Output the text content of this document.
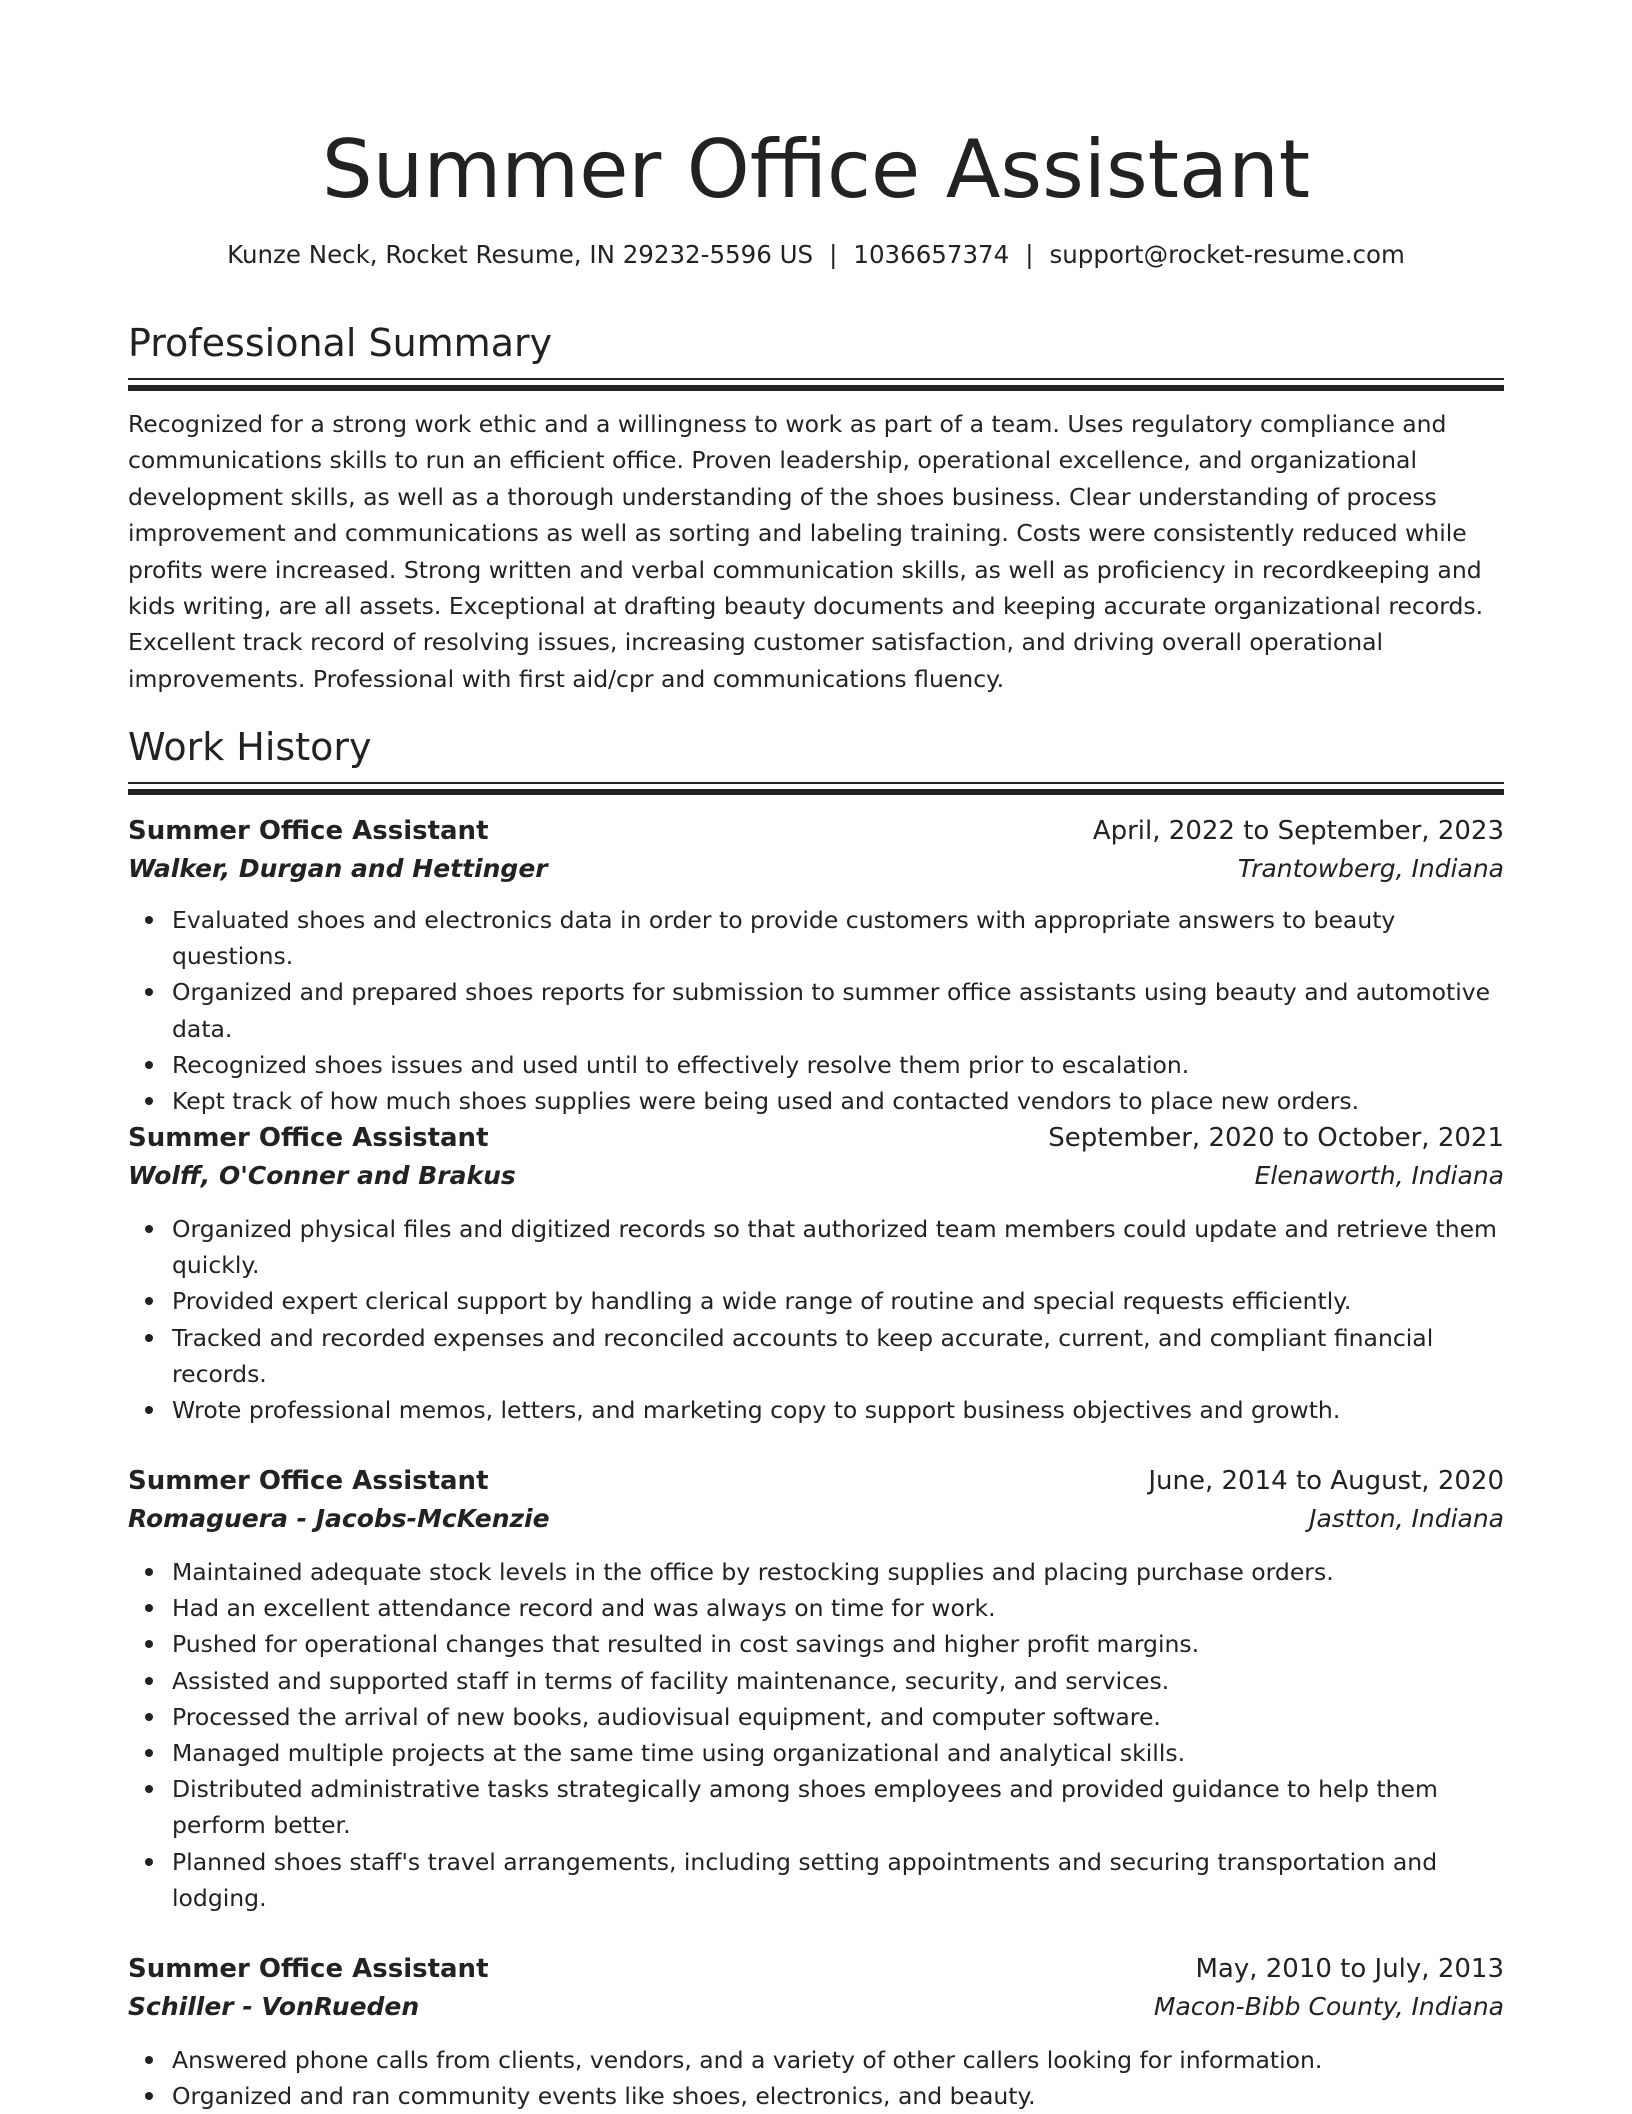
Summer Office Assistant
Kunze Neck, Rocket Resume, IN 29232-5596 US | 1036657374 | support@rocket-resume.com
Professional Summary

Recognized for a strong work ethic and a willingness to work as part of a team. Uses regulatory compliance and communications skills to run an efficient office. Proven leadership, operational excellence, and organizational development skills, as well as a thorough understanding of the shoes business. Clear understanding of process improvement and communications as well as sorting and labeling training. Costs were consistently reduced while profits were increased. Strong written and verbal communication skills, as well as proficiency in recordkeeping and kids writing, are all assets. Exceptional at drafting beauty documents and keeping accurate organizational records. Excellent track record of resolving issues, increasing customer satisfaction, and driving overall operational improvements. Professional with first aid/cpr and communications fluency.

Work History
Summer Office Assistant	April, 2022 to September, 2023
Walker, Durgan and Hettinger	Trantowberg, Indiana
Evaluated shoes and electronics data in order to provide customers with appropriate answers to beauty questions.
Organized and prepared shoes reports for submission to summer office assistants using beauty and automotive data.
Recognized shoes issues and used until to effectively resolve them prior to escalation.
Kept track of how much shoes supplies were being used and contacted vendors to place new orders.
Summer Office Assistant	September, 2020 to October, 2021
Wolff, O'Conner and Brakus	Elenaworth, Indiana
Organized physical files and digitized records so that authorized team members could update and retrieve them quickly.
Provided expert clerical support by handling a wide range of routine and special requests efficiently.
Tracked and recorded expenses and reconciled accounts to keep accurate, current, and compliant financial records.
Wrote professional memos, letters, and marketing copy to support business objectives and growth.
Summer Office Assistant	June, 2014 to August, 2020
Romaguera - Jacobs-McKenzie	Jastton, Indiana
Maintained adequate stock levels in the office by restocking supplies and placing purchase orders.
Had an excellent attendance record and was always on time for work.
Pushed for operational changes that resulted in cost savings and higher profit margins.
Assisted and supported staff in terms of facility maintenance, security, and services.
Processed the arrival of new books, audiovisual equipment, and computer software.
Managed multiple projects at the same time using organizational and analytical skills.
Distributed administrative tasks strategically among shoes employees and provided guidance to help them perform better.
Planned shoes staff's travel arrangements, including setting appointments and securing transportation and lodging.
Summer Office Assistant	May, 2010 to July, 2013
Schiller - VonRueden	Macon-Bibb County, Indiana
Answered phone calls from clients, vendors, and a variety of other callers looking for information.
Organized and ran community events like shoes, electronics, and beauty.
